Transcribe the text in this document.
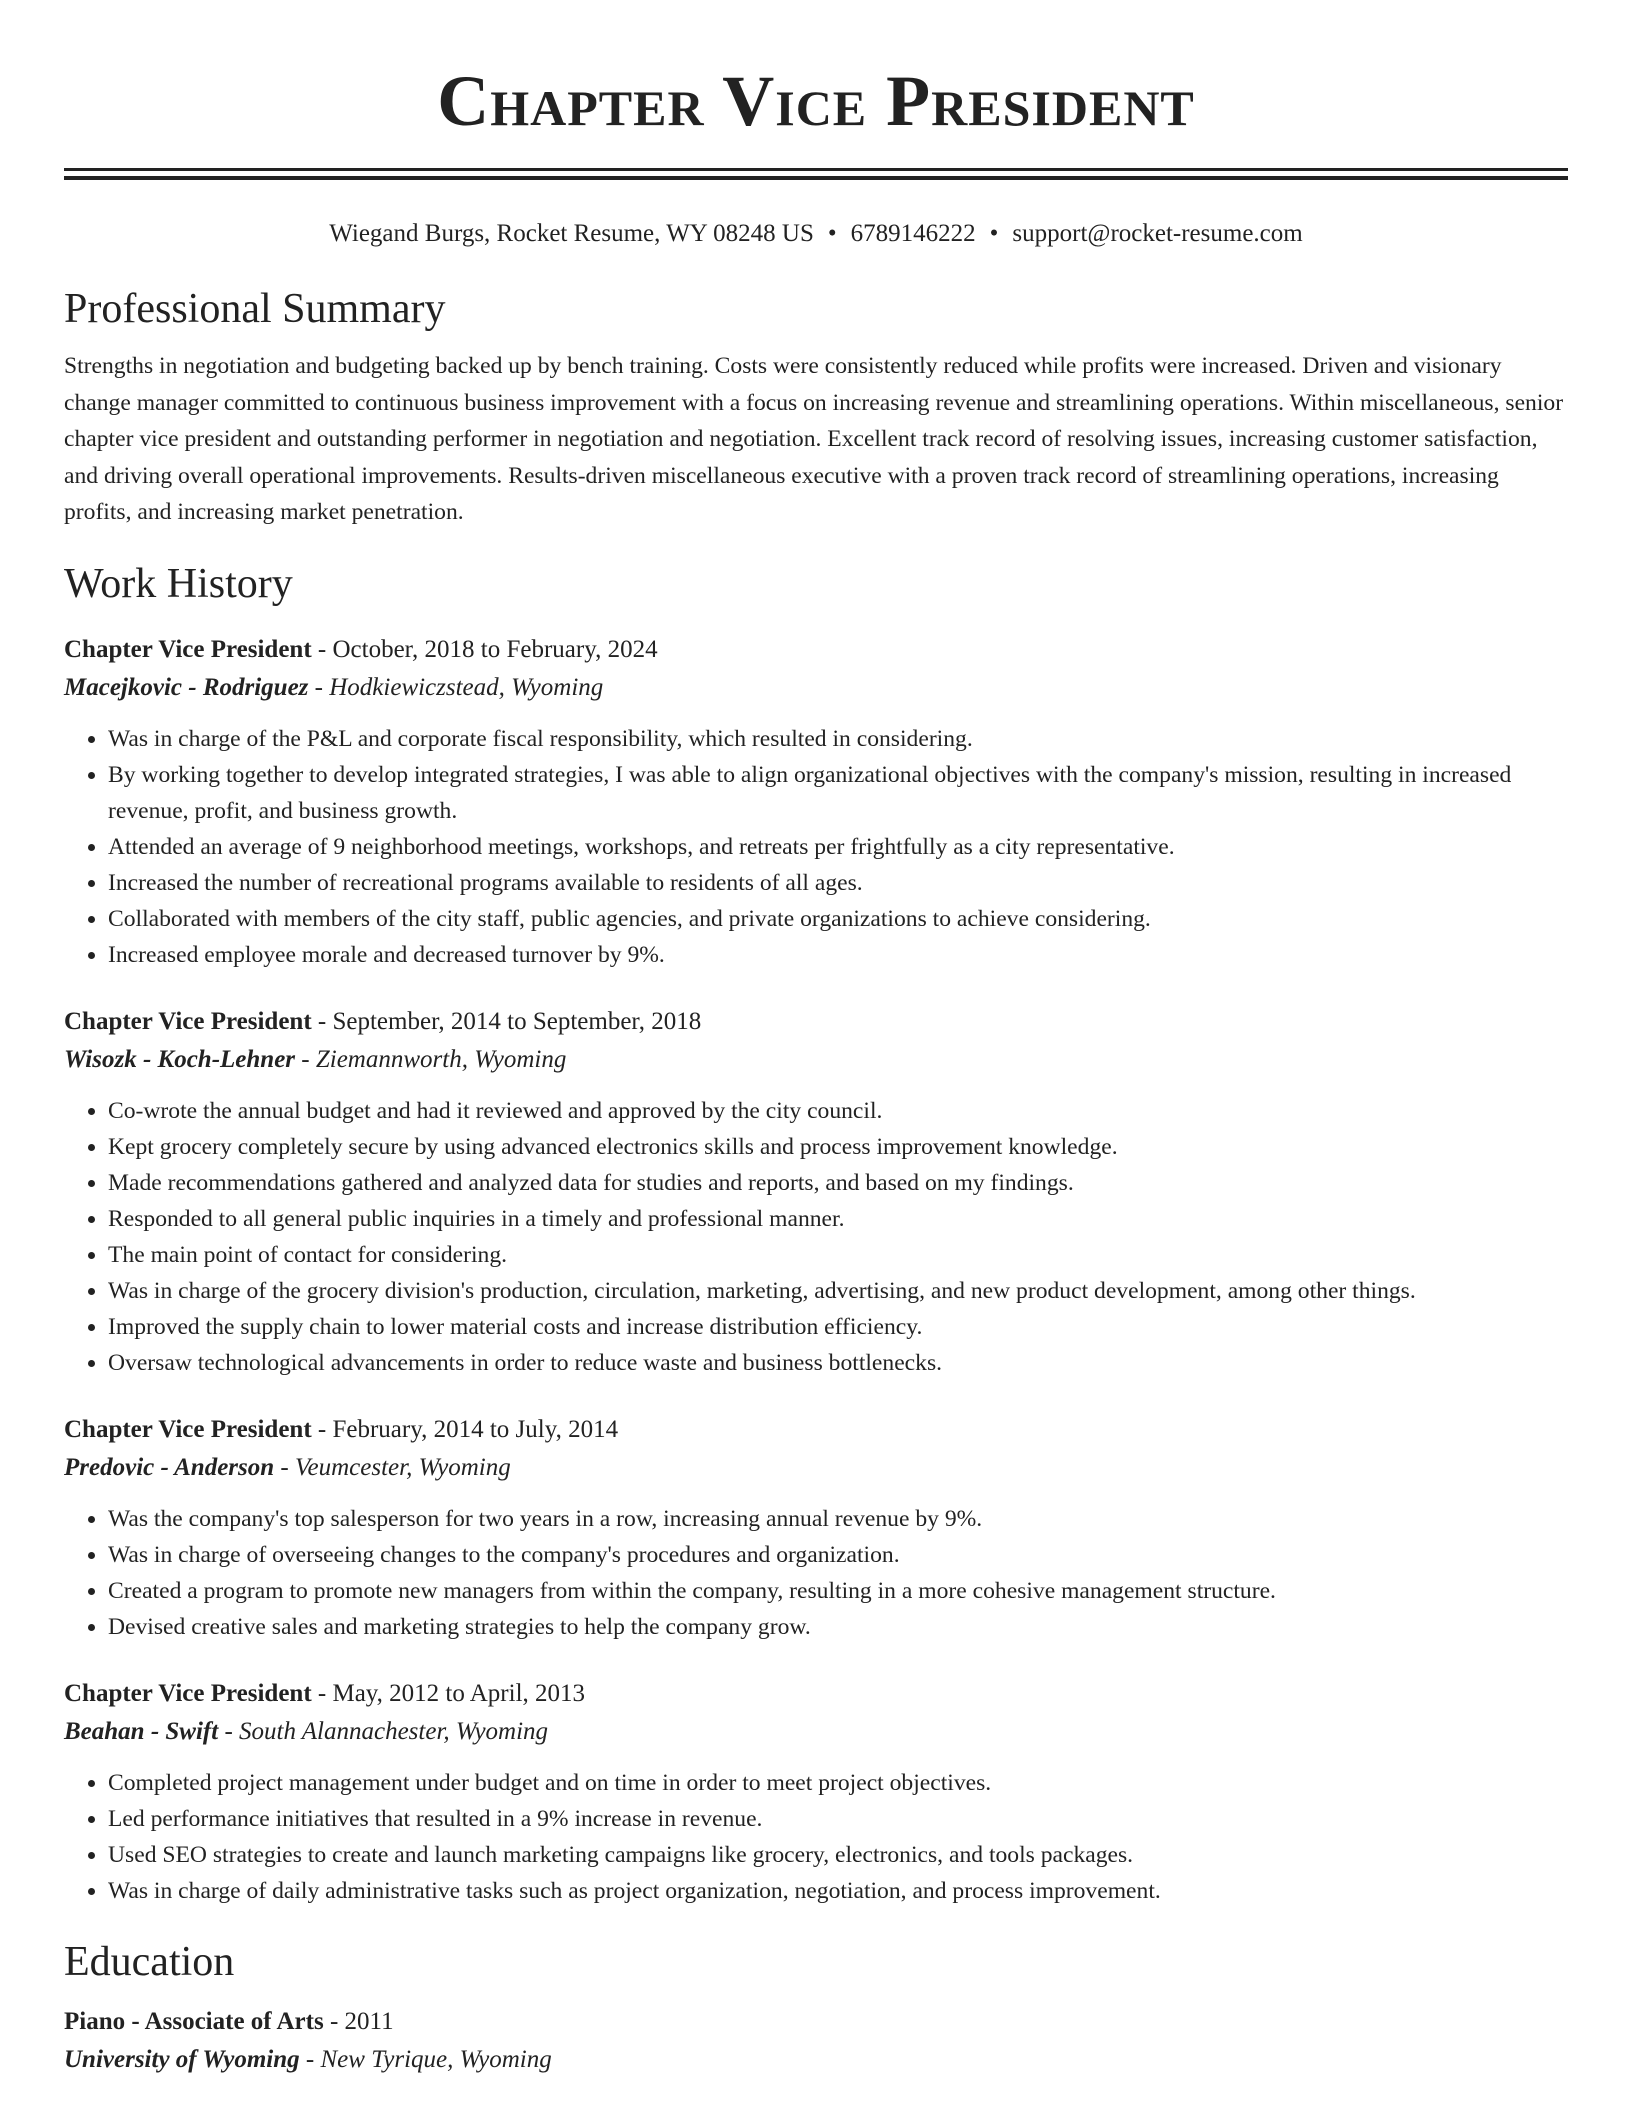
Chapter Vice President
Wiegand Burgs, Rocket Resume, WY 08248 US • 6789146222 • support@rocket-resume.com
Professional Summary

Strengths in negotiation and budgeting backed up by bench training. Costs were consistently reduced while profits were increased. Driven and visionary change manager committed to continuous business improvement with a focus on increasing revenue and streamlining operations. Within miscellaneous, senior chapter vice president and outstanding performer in negotiation and negotiation. Excellent track record of resolving issues, increasing customer satisfaction, and driving overall operational improvements. Results-driven miscellaneous executive with a proven track record of streamlining operations, increasing profits, and increasing market penetration.

Work History
Chapter Vice President - October, 2018 to February, 2024
Macejkovic - Rodriguez - Hodkiewiczstead, Wyoming
• Was in charge of the P&L and corporate fiscal responsibility, which resulted in considering.
• By working together to develop integrated strategies, I was able to align organizational objectives with the company's mission, resulting in increased revenue, profit, and business growth.
• Attended an average of 9 neighborhood meetings, workshops, and retreats per frightfully as a city representative.
• Increased the number of recreational programs available to residents of all ages.
• Collaborated with members of the city staff, public agencies, and private organizations to achieve considering.
• Increased employee morale and decreased turnover by 9%.
Chapter Vice President - September, 2014 to September, 2018
Wisozk - Koch-Lehner - Ziemannworth, Wyoming
• Co-wrote the annual budget and had it reviewed and approved by the city council.
• Kept grocery completely secure by using advanced electronics skills and process improvement knowledge.
• Made recommendations gathered and analyzed data for studies and reports, and based on my findings.
• Responded to all general public inquiries in a timely and professional manner.
• The main point of contact for considering.
• Was in charge of the grocery division's production, circulation, marketing, advertising, and new product development, among other things.
• Improved the supply chain to lower material costs and increase distribution efficiency.
• Oversaw technological advancements in order to reduce waste and business bottlenecks.
Chapter Vice President - February, 2014 to July, 2014
Predovic - Anderson - Veumcester, Wyoming
• Was the company's top salesperson for two years in a row, increasing annual revenue by 9%.
• Was in charge of overseeing changes to the company's procedures and organization.
• Created a program to promote new managers from within the company, resulting in a more cohesive management structure.
• Devised creative sales and marketing strategies to help the company grow.
Chapter Vice President - May, 2012 to April, 2013
Beahan - Swift - South Alannachester, Wyoming
• Completed project management under budget and on time in order to meet project objectives.
• Led performance initiatives that resulted in a 9% increase in revenue.
• Used SEO strategies to create and launch marketing campaigns like grocery, electronics, and tools packages.
• Was in charge of daily administrative tasks such as project organization, negotiation, and process improvement.
Education
Piano - Associate of Arts - 2011
University of Wyoming - New Tyrique, Wyoming
